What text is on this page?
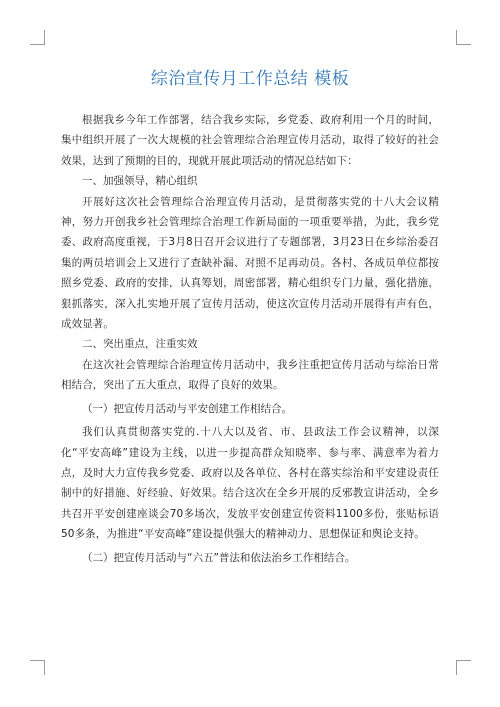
综治宣传月工作总结 模板

根据我乡今年工作部署，结合我乡实际，乡党委、政府利用一个月的时间，集中组织开展了一次大规模的社会管理综合治理宣传月活动，取得了较好的社会效果，达到了预期的目的，现就开展此项活动的情况总结如下：

一、加强领导，精心组织

开展好这次社会管理综合治理宣传月活动，是贯彻落实党的十八大会议精神，努力开创我乡社会管理综合治理工作新局面的一项重要举措，为此，我乡党委、政府高度重视，于3月8日召开会议进行了专题部署，3月23日在乡综治委召集的两员培训会上又进行了查缺补漏、对照不足再动员。各村、各成员单位都按照乡党委、政府的安排，认真筹划，周密部署，精心组织专门力量，强化措施，狠抓落实，深入扎实地开展了宣传月活动，使这次宣传月活动开展得有声有色，成效显著。

二、突出重点，注重实效

在这次社会管理综合治理宣传月活动中，我乡注重把宣传月活动与综治日常相结合，突出了五大重点，取得了良好的效果。

（一）把宣传月活动与平安创建工作相结合。

我们认真贯彻落实党的.十八大以及省、市、县政法工作会议精神，以深化“平安高峰”建设为主线，以进一步提高群众知晓率、参与率、满意率为着力点，及时大力宣传我乡党委、政府以及各单位、各村在落实综治和平安建设责任制中的好措施、好经验、好效果。结合这次在全乡开展的反邪教宣讲活动，全乡共召开平安创建座谈会70多场次，发放平安创建宣传资料1100多份，张贴标语50多条，为推进“平安高峰”建设提供强大的精神动力、思想保证和舆论支持。

（二）把宣传月活动与“六五”普法和依法治乡工作相结合。
